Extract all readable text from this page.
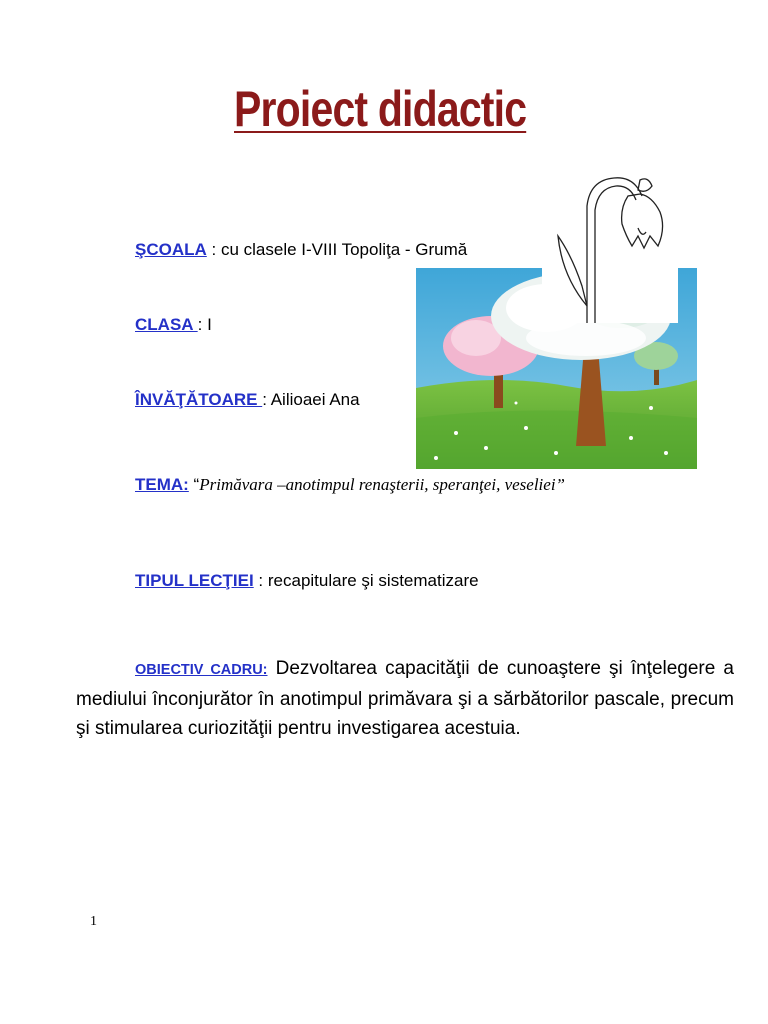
Proiect didactic
ŞCOALA : cu clasele I-VIII Topoliţa - Grumă
CLASA : I
ÎNVĂŢĂTOARE : Ailioaei Ana
TEMA: “Primăvara –anotimpul renaşterii, speranţei, veseliei”
TIPUL LECŢIEI : recapitulare şi sistematizare
OBIECTIV CADRU: Dezvoltarea capacităţii de cunoaştere şi înţelegere a mediului înconjurător în anotimpul primăvara şi a sărbătorilor pascale, precum şi stimularea curiozităţii pentru investigarea acestuia.
1
